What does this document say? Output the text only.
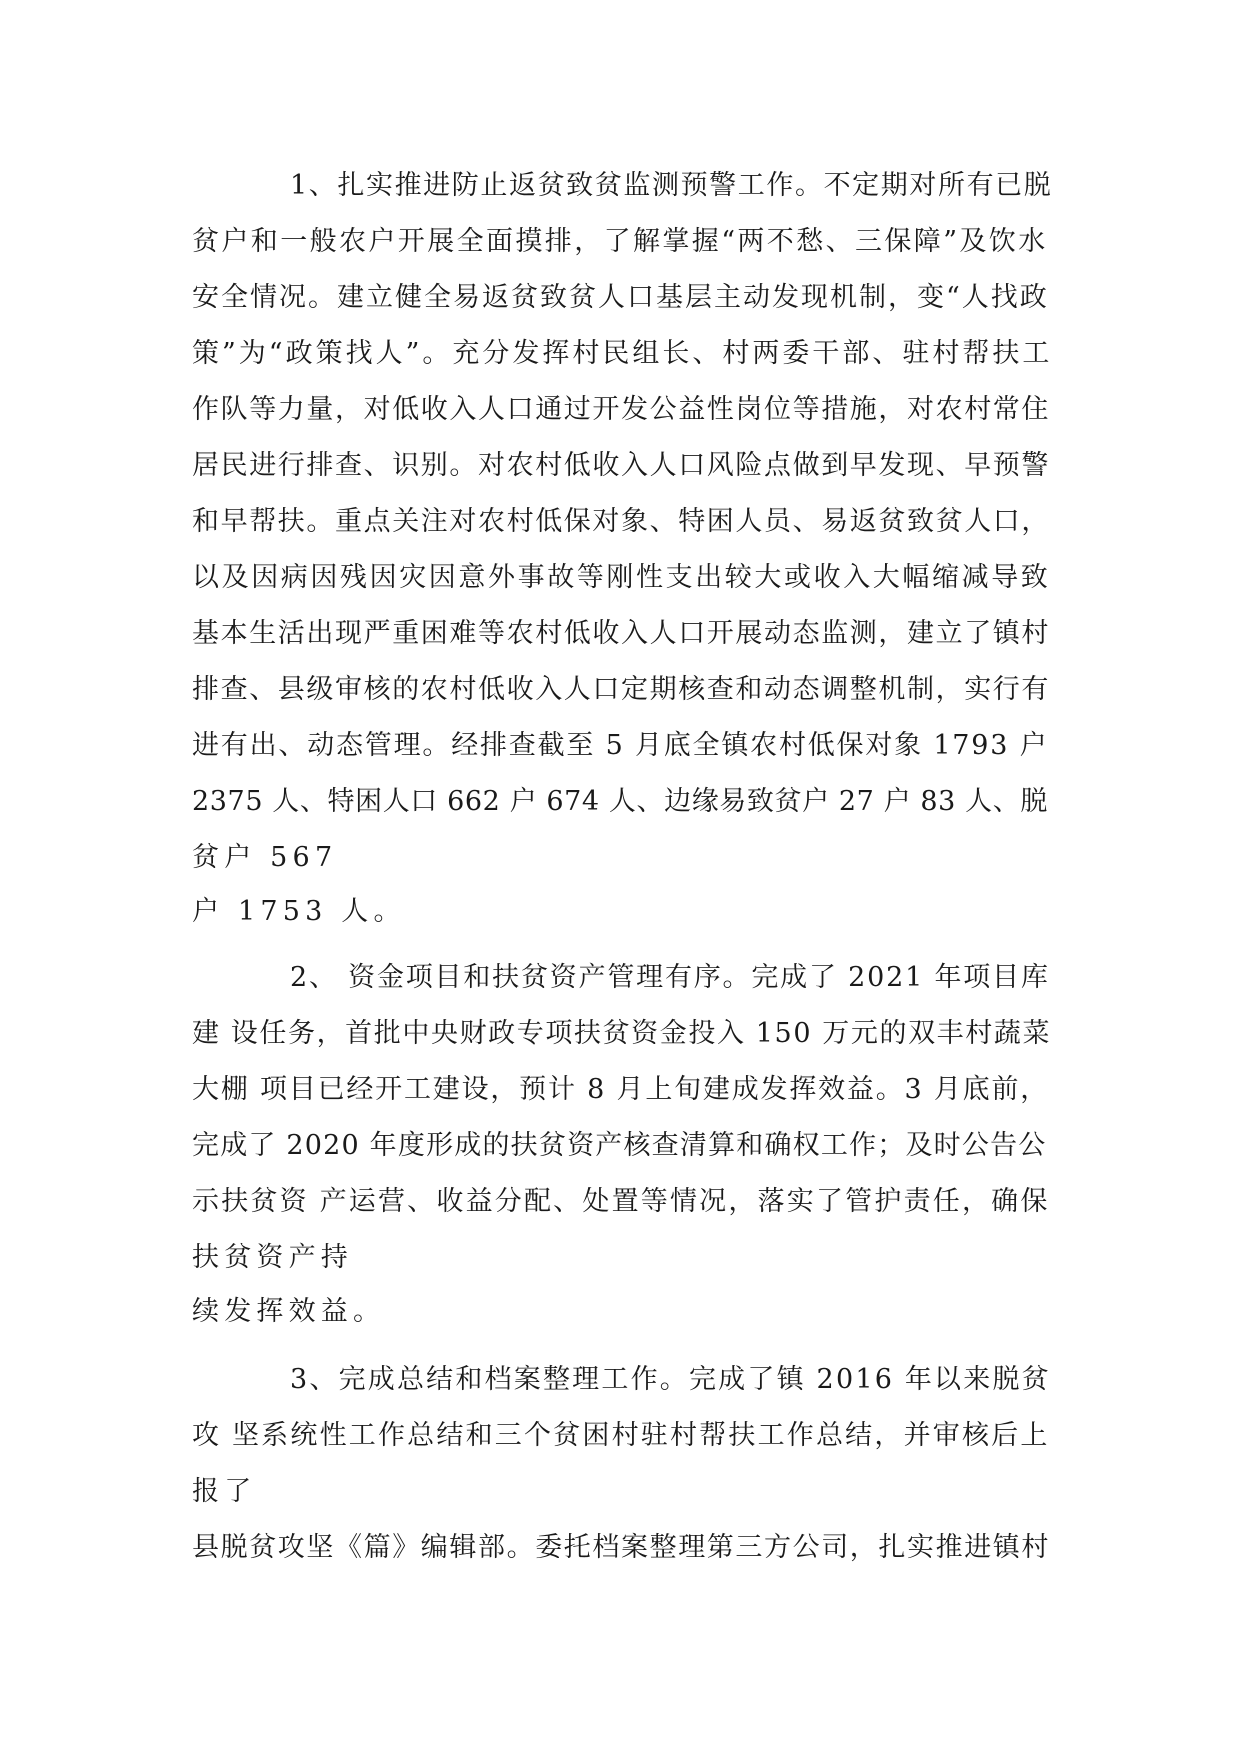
1、扎实推进防止返贫致贫监测预警工作。不定期对所有已脱
贫户和一般农户开展全面摸排，了解掌握“两不愁、三保障”及饮水
安全情况。建立健全易返贫致贫人口基层主动发现机制，变“人找政
策”为“政策找人”。充分发挥村民组长、村两委干部、驻村帮扶工
作队等力量，对低收入人口通过开发公益性岗位等措施，对农村常住
居民进行排查、识别。对农村低收入人口风险点做到早发现、早预警
和早帮扶。重点关注对农村低保对象、特困人员、易返贫致贫人口，
以及因病因残因灾因意外事故等刚性支出较大或收入大幅缩减导致
基本生活出现严重困难等农村低收入人口开展动态监测，建立了镇村
排查、县级审核的农村低收入人口定期核查和动态调整机制，实行有
进有出、动态管理。经排查截至 5 月底全镇农村低保对象 1793 户
2375 人、特困人口 662 户 674 人、边缘易致贫户 27 户 83 人、脱
贫户 567
户 1753 人。
2、 资金项目和扶贫资产管理有序。完成了 2021 年项目库
建 设任务，首批中央财政专项扶贫资金投入 150 万元的双丰村蔬菜
大棚 项目已经开工建设，预计 8 月上旬建成发挥效益。3 月底前，
完成了 2020 年度形成的扶贫资产核查清算和确权工作；及时公告公
示扶贫资 产运营、收益分配、处置等情况，落实了管护责任，确保
扶贫资产持
续发挥效益。
3、完成总结和档案整理工作。完成了镇 2016 年以来脱贫
攻 坚系统性工作总结和三个贫困村驻村帮扶工作总结，并审核后上
报了
县脱贫攻坚《篇》编辑部。委托档案整理第三方公司，扎实推进镇村
